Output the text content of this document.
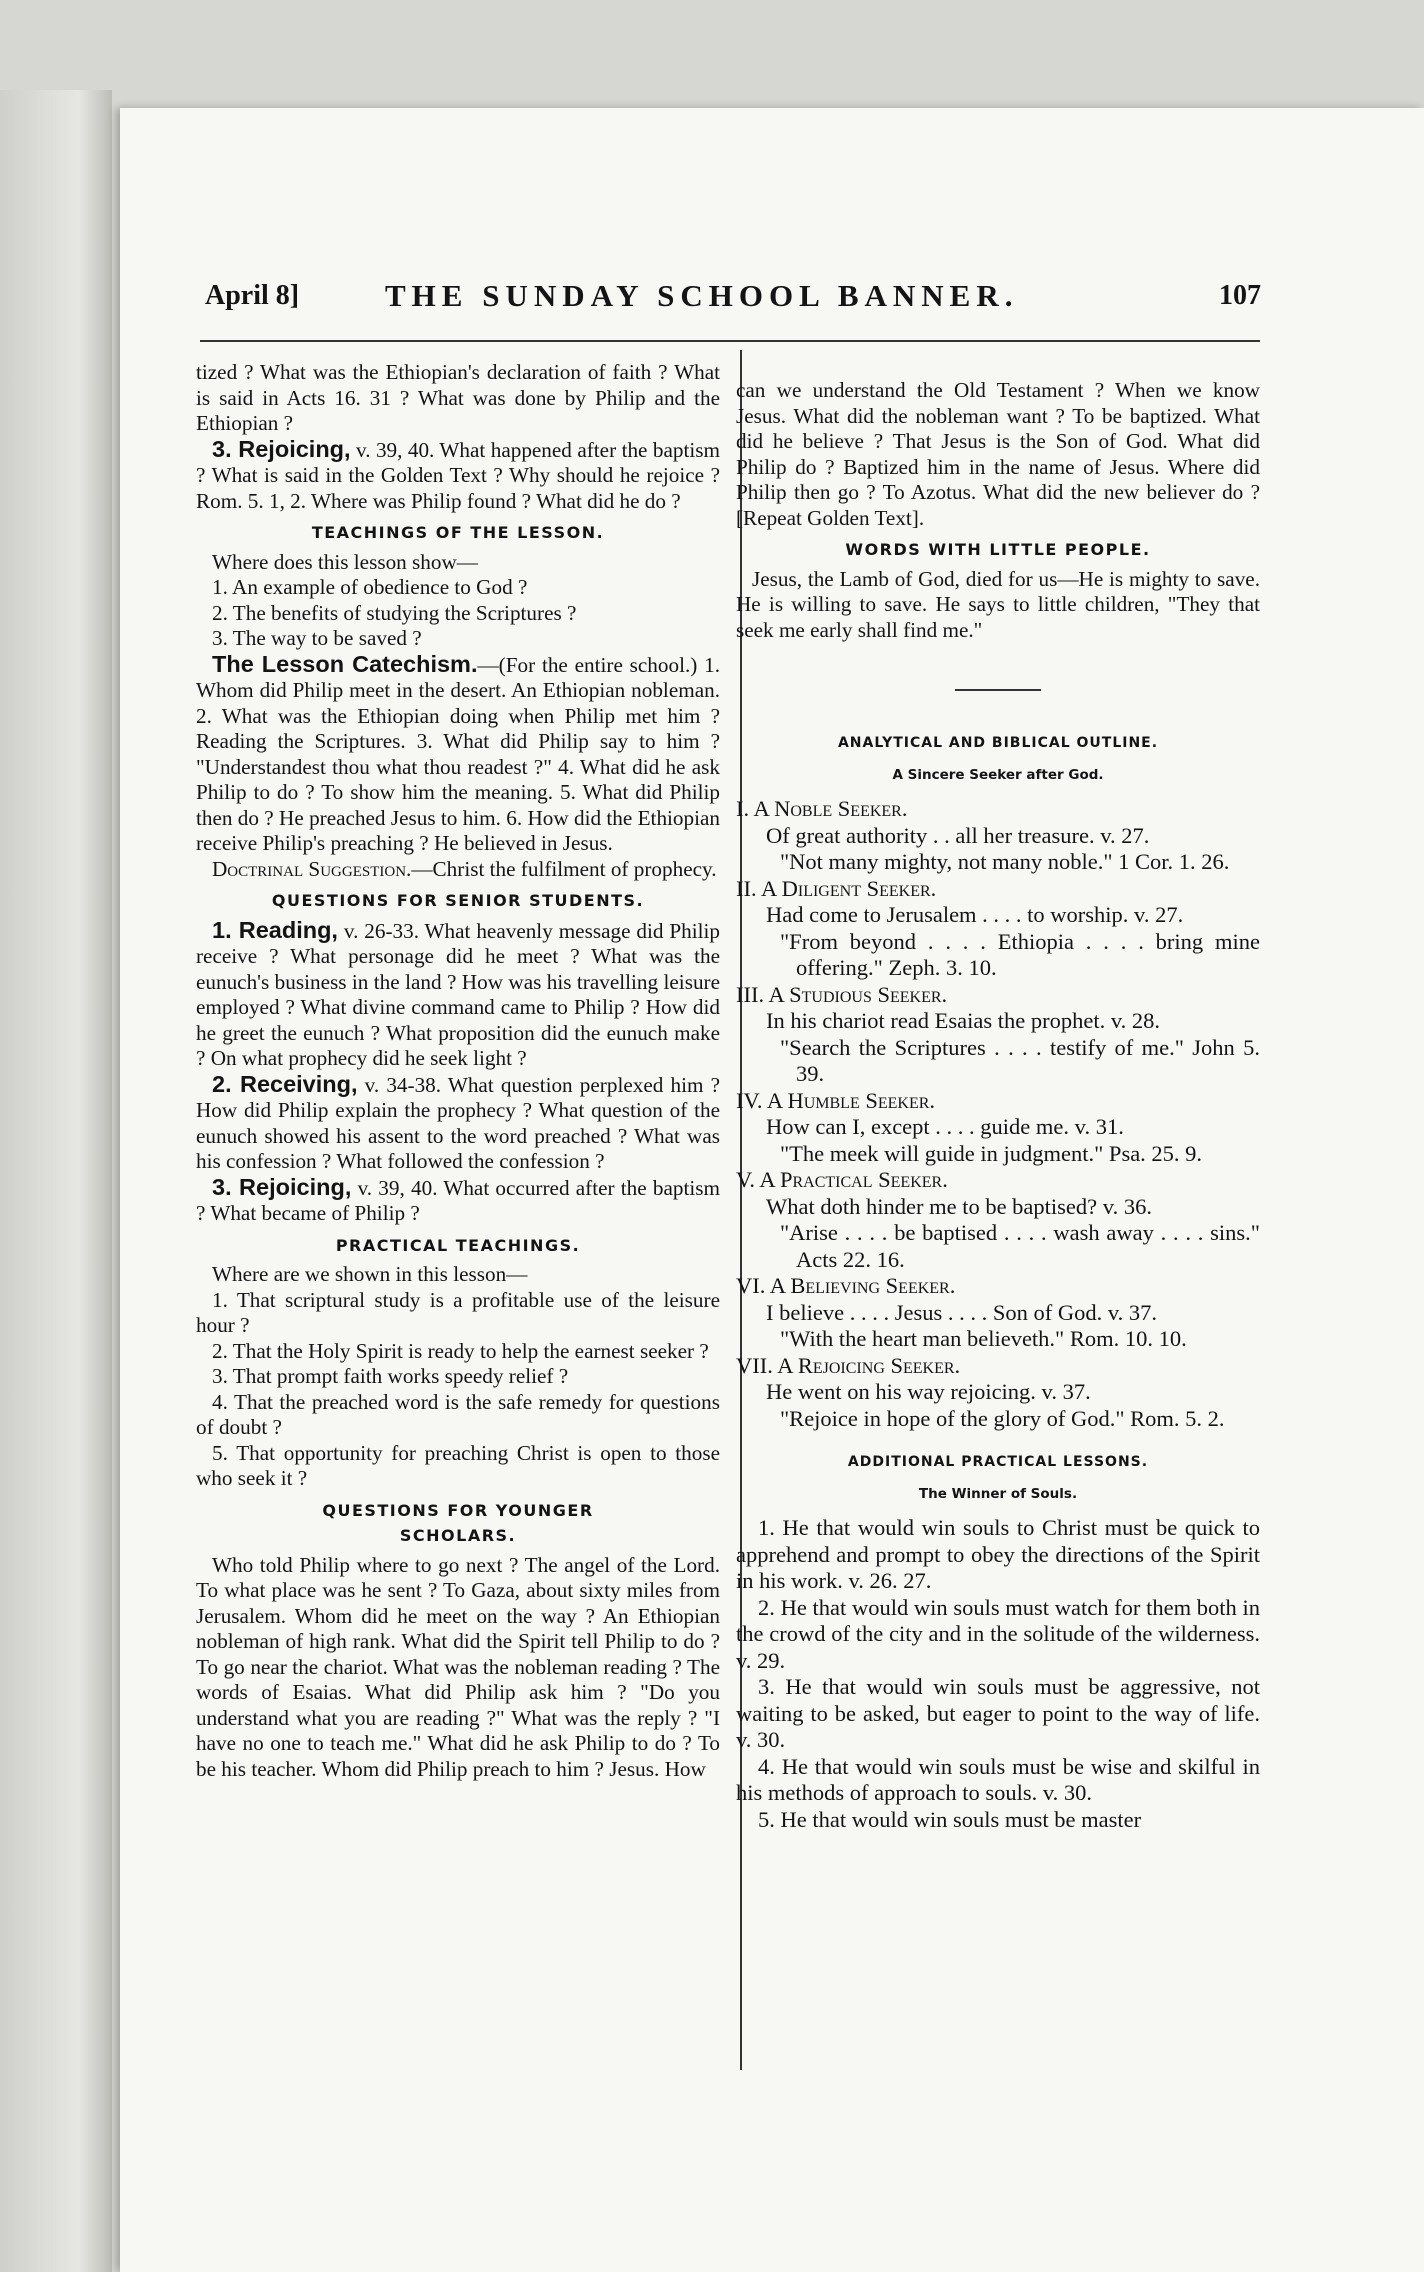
April 8]	THE SUNDAY SCHOOL BANNER.	107

tized ? What was the Ethiopian's declaration of faith ? What is said in Acts 16. 31 ? What was done by Philip and the Ethiopian ?

3. Rejoicing, v. 39, 40. What happened after the baptism ? What is said in the Golden Text ? Why should he rejoice ? Rom. 5. 1, 2. Where was Philip found ? What did he do ?

TEACHINGS OF THE LESSON.

Where does this lesson show—

1. An example of obedience to God ?

2. The benefits of studying the Scriptures ?

3. The way to be saved ?

The Lesson Catechism.—(For the entire school.) 1. Whom did Philip meet in the desert. An Ethiopian nobleman. 2. What was the Ethiopian doing when Philip met him ? Reading the Scriptures. 3. What did Philip say to him ? "Understandest thou what thou readest ?" 4. What did he ask Philip to do ? To show him the meaning. 5. What did Philip then do ? He preached Jesus to him. 6. How did the Ethiopian receive Philip's preaching ? He believed in Jesus.

Doctrinal Suggestion.—Christ the fulfilment of prophecy.

QUESTIONS FOR SENIOR STUDENTS.

1. Reading, v. 26-33. What heavenly message did Philip receive ? What personage did he meet ? What was the eunuch's business in the land ? How was his travelling leisure employed ? What divine command came to Philip ? How did he greet the eunuch ? What proposition did the eunuch make ? On what prophecy did he seek light ?

2. Receiving, v. 34-38. What question perplexed him ? How did Philip explain the prophecy ? What question of the eunuch showed his assent to the word preached ? What was his confession ? What followed the confession ?

3. Rejoicing, v. 39, 40. What occurred after the baptism ? What became of Philip ?

PRACTICAL TEACHINGS.

Where are we shown in this lesson—

1. That scriptural study is a profitable use of the leisure hour ?

2. That the Holy Spirit is ready to help the earnest seeker ?

3. That prompt faith works speedy relief ?

4. That the preached word is the safe remedy for questions of doubt ?

5. That opportunity for preaching Christ is open to those who seek it ?

QUESTIONS FOR YOUNGER

SCHOLARS.

Who told Philip where to go next ? The angel of the Lord. To what place was he sent ? To Gaza, about sixty miles from Jerusalem. Whom did he meet on the way ? An Ethiopian nobleman of high rank. What did the Spirit tell Philip to do ? To go near the chariot. What was the nobleman reading ? The words of Esaias. What did Philip ask him ? "Do you understand what you are reading ?" What was the reply ? "I have no one to teach me." What did he ask Philip to do ? To be his teacher. Whom did Philip preach to him ? Jesus. How

can we understand the Old Testament ? When we know Jesus. What did the nobleman want ? To be baptized. What did he believe ? That Jesus is the Son of God. What did Philip do ? Baptized him in the name of Jesus. Where did Philip then go ? To Azotus. What did the new believer do ? [Repeat Golden Text].

WORDS WITH LITTLE PEOPLE.

Jesus, the Lamb of God, died for us—He is mighty to save. He is willing to save. He says to little children, "They that seek me early shall find me."

ANALYTICAL AND BIBLICAL OUTLINE.

A Sincere Seeker after God.

I. A Noble Seeker.

Of great authority . . all her treasure. v. 27.

"Not many mighty, not many noble." 1 Cor. 1. 26.

II. A Diligent Seeker.

Had come to Jerusalem . . . . to worship. v. 27.

"From beyond . . . . Ethiopia . . . . bring mine offering." Zeph. 3. 10.

III. A Studious Seeker.

In his chariot read Esaias the prophet. v. 28.

"Search the Scriptures . . . . testify of me." John 5. 39.

IV. A Humble Seeker.

How can I, except . . . . guide me. v. 31.

"The meek will guide in judgment." Psa. 25. 9.

V. A Practical Seeker.

What doth hinder me to be baptised? v. 36.

"Arise . . . . be baptised . . . . wash away . . . . sins." Acts 22. 16.

VI. A Believing Seeker.

I believe . . . . Jesus . . . . Son of God. v. 37.

"With the heart man believeth." Rom. 10. 10.

VII. A Rejoicing Seeker.

He went on his way rejoicing. v. 37.

"Rejoice in hope of the glory of God." Rom. 5. 2.

ADDITIONAL PRACTICAL LESSONS.

The Winner of Souls.

1. He that would win souls to Christ must be quick to apprehend and prompt to obey the directions of the Spirit in his work. v. 26. 27.

2. He that would win souls must watch for them both in the crowd of the city and in the solitude of the wilderness. v. 29.

3. He that would win souls must be aggressive, not waiting to be asked, but eager to point to the way of life. v. 30.

4. He that would win souls must be wise and skilful in his methods of approach to souls. v. 30.

5. He that would win souls must be master
